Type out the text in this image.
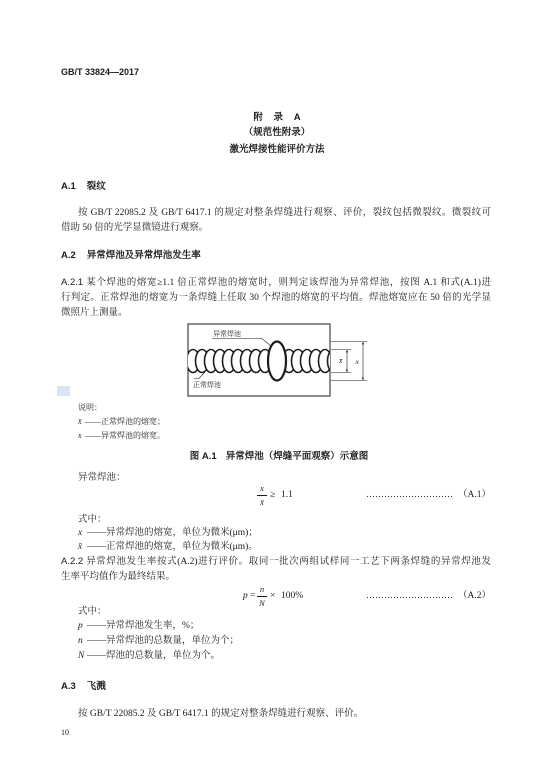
GB/T 33824—2017
附 录 A
（规范性附录）
激光焊接性能评价方法
A.1 裂纹
按 GB/T 22085.2 及 GB/T 6417.1 的规定对整条焊缝进行观察、评价，裂纹包括微裂纹。微裂纹可
借助 50 倍的光学显微镜进行观察。
A.2 异常焊池及异常焊池发生率
A.2.1 某个焊池的熔宽≥1.1 倍正常焊池的熔宽时，则判定该焊池为异常焊池，按图 A.1 和式(A.1)进
行判定。正常焊池的熔宽为一条焊缝上任取 30 个焊池的熔宽的平均值。焊池熔宽应在 50 倍的光学显
微照片上测量。
异常焊池
正常焊池
x̄ x
说明：
x̄ ——正常焊池的熔宽；
x ——异常焊池的熔宽。
图 A.1 异常焊池（焊缝平面观察）示意图
异常焊池：
x
x̄
≥ 1.1	（A.1）
式中：
x ——异常焊池的熔宽，单位为微米(μm)；
x̄ ——正常焊池的熔宽，单位为微米(μm)。
A.2.2 异常焊池发生率按式(A.2)进行评价。取同一批次两组试样同一工艺下两条焊缝的异常焊池发
生率平均值作为最终结果。
p =
n
N
× 100%	（A.2）
式中：
p ——异常焊池发生率，%；
n ——异常焊池的总数量，单位为个；
N ——焊池的总数量，单位为个。
A.3 飞溅
按 GB/T 22085.2 及 GB/T 6417.1 的规定对整条焊缝进行观察、评价。
10
